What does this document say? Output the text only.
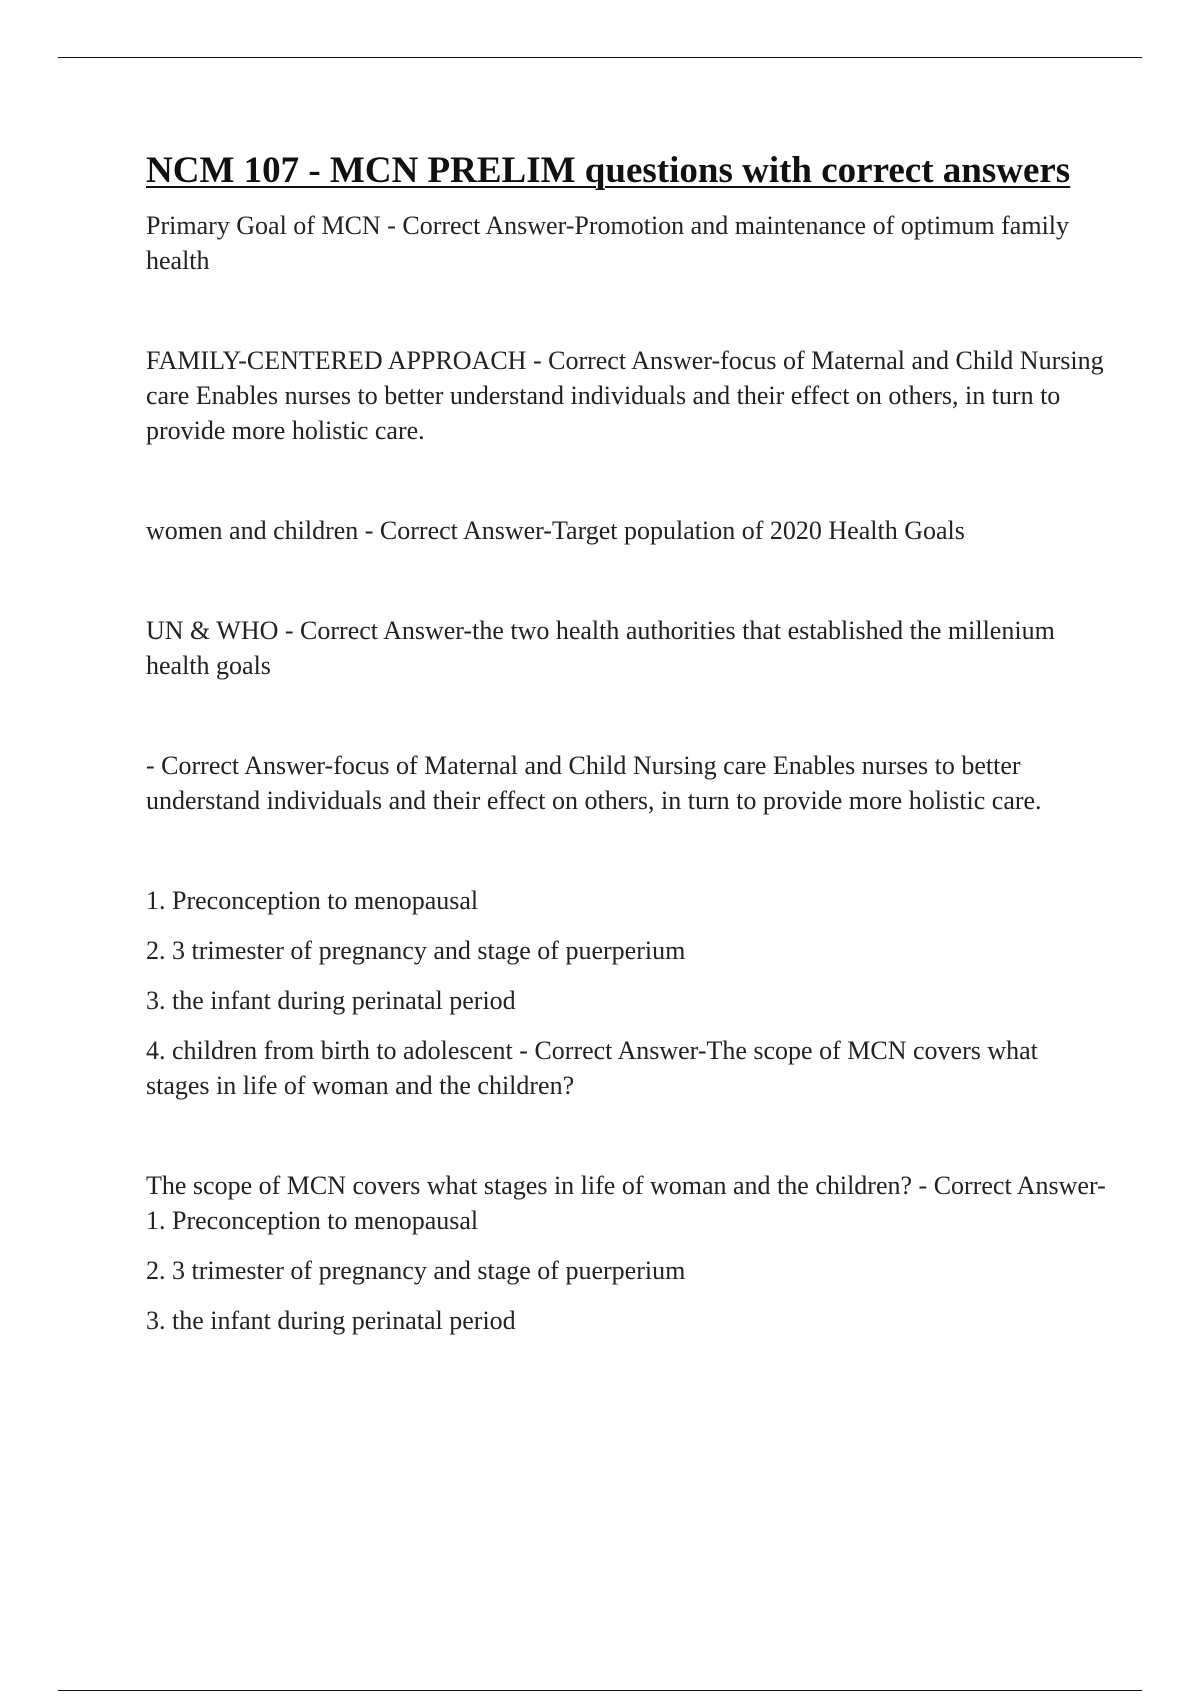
NCM 107 - MCN PRELIM questions with correct answers

Primary Goal of MCN - Correct Answer-Promotion and maintenance of optimum family health

FAMILY-CENTERED APPROACH - Correct Answer-focus of Maternal and Child Nursing care Enables nurses to better understand individuals and their effect on others, in turn to provide more holistic care.

women and children - Correct Answer-Target population of 2020 Health Goals

UN & WHO - Correct Answer-the two health authorities that established the millenium health goals

- Correct Answer-focus of Maternal and Child Nursing care Enables nurses to better understand individuals and their effect on others, in turn to provide more holistic care.

1. Preconception to menopausal

2. 3 trimester of pregnancy and stage of puerperium

3. the infant during perinatal period

4. children from birth to adolescent - Correct Answer-The scope of MCN covers what stages in life of woman and the children?

The scope of MCN covers what stages in life of woman and the children? - Correct Answer-1. Preconception to menopausal

2. 3 trimester of pregnancy and stage of puerperium

3. the infant during perinatal period
